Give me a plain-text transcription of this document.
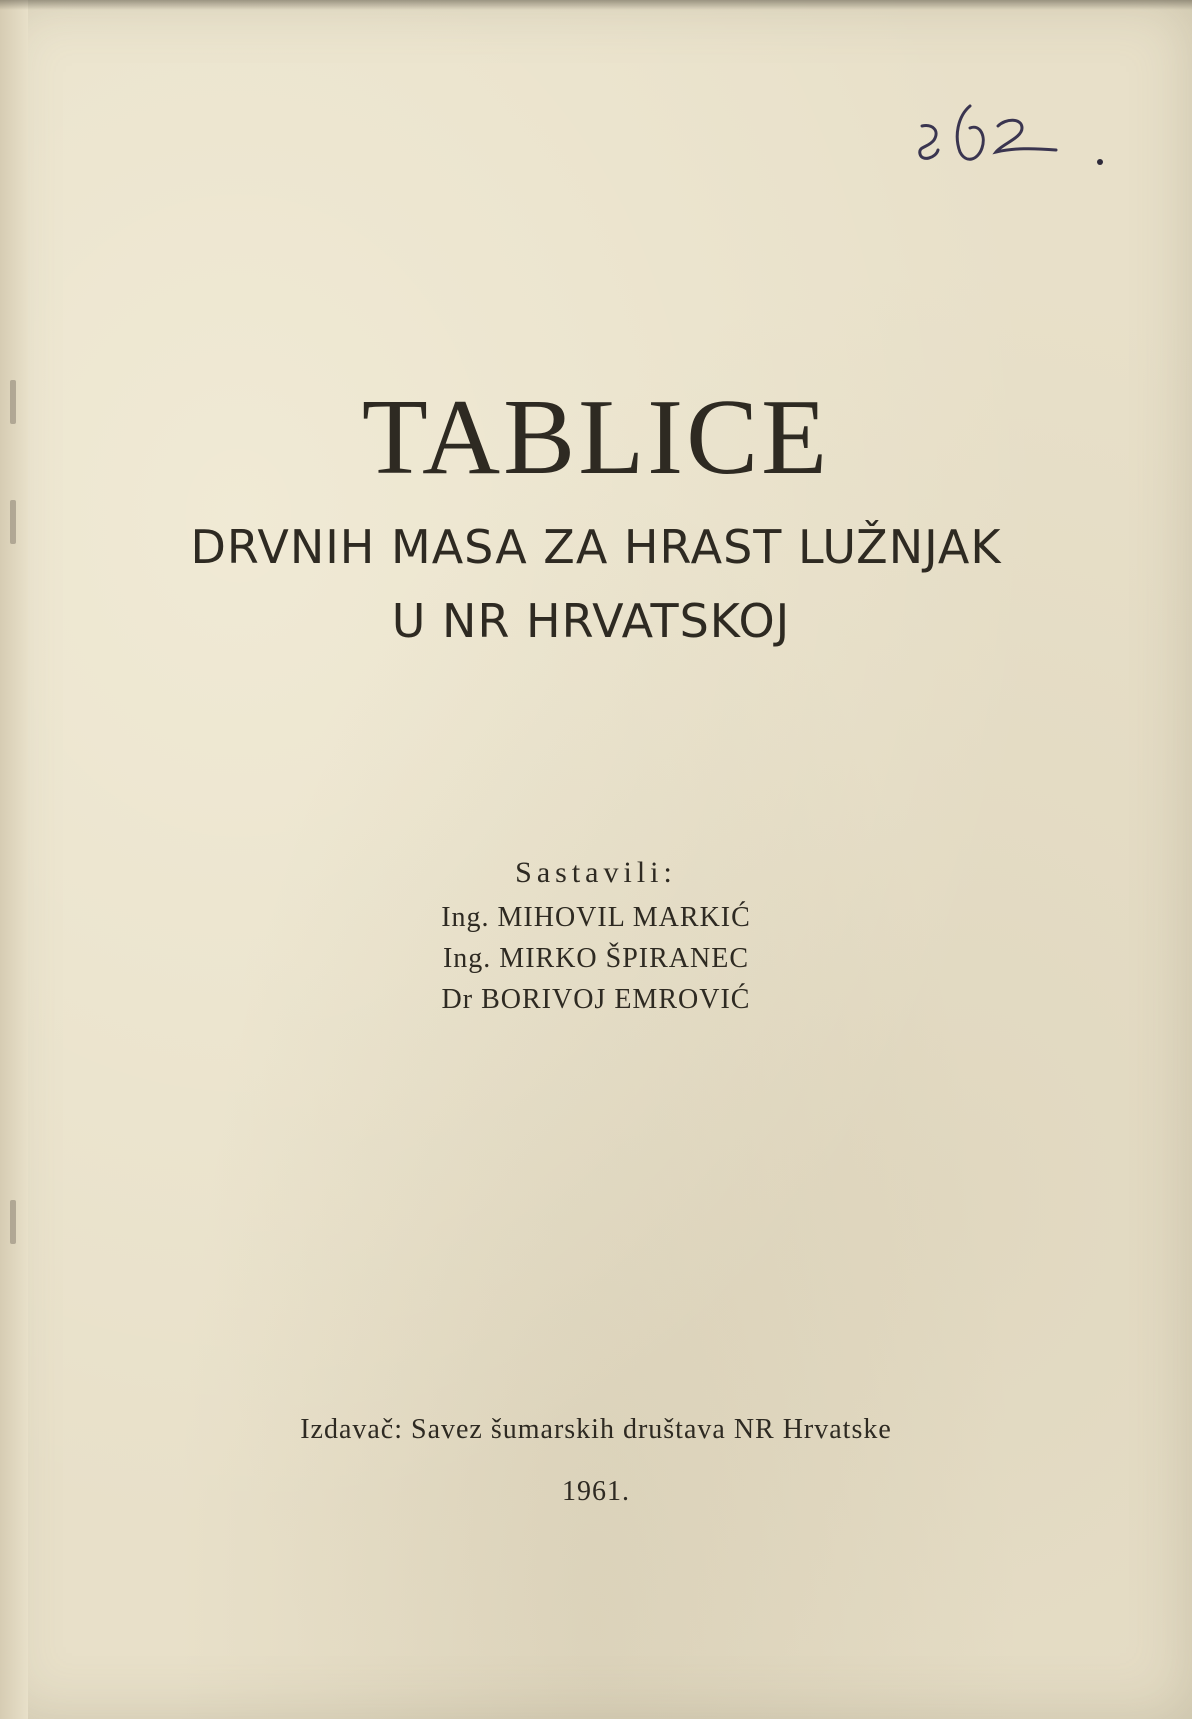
TABLICE
DRVNIH MASA ZA HRAST LUŽNJAK
U NR HRVATSKOJ
Sastavili:
Ing. MIHOVIL MARKIĆ
Ing. MIRKO ŠPIRANEC
Dr BORIVOJ EMROVIĆ
Izdavač: Savez šumarskih društava NR Hrvatske
1961.
